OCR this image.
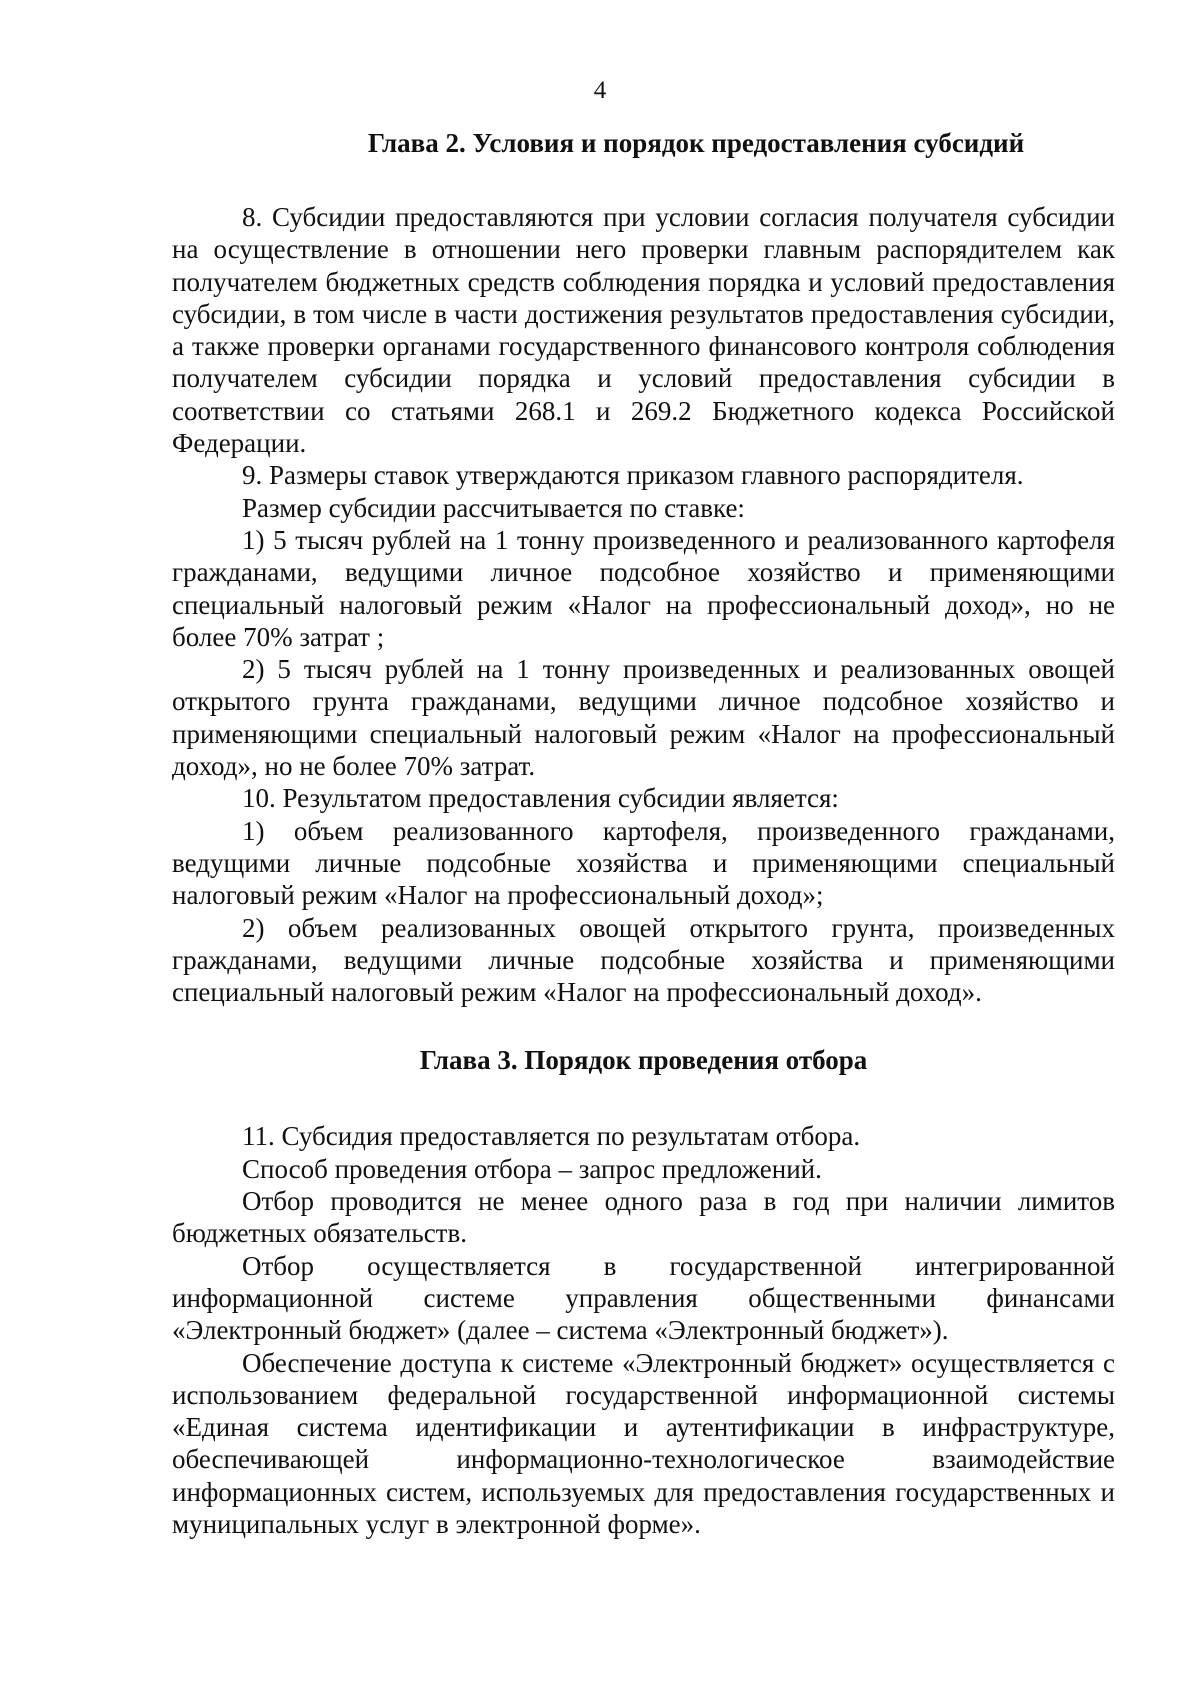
4
Глава 2. Условия и порядок предоставления субсидий

8. Субсидии предоставляются при условии согласия получателя субсидии на осуществление в отношении него проверки главным распорядителем как получателем бюджетных средств соблюдения порядка и условий предоставления субсидии, в том числе в части достижения результатов предоставления субсидии, а также проверки органами государственного финансового контроля соблюдения получателем субсидии порядка и условий предоставления субсидии в соответствии со статьями 268.1 и 269.2 Бюджетного кодекса Российской Федерации.

9. Размеры ставок утверждаются приказом главного распорядителя.

Размер субсидии рассчитывается по ставке:

1) 5 тысяч рублей на 1 тонну произведенного и реализованного картофеля гражданами, ведущими личное подсобное хозяйство и применяющими специальный налоговый режим «Налог на профессиональный доход», но не более 70% затрат ;

2) 5 тысяч рублей на 1 тонну произведенных и реализованных овощей открытого грунта гражданами, ведущими личное подсобное хозяйство и применяющими специальный налоговый режим «Налог на профессиональный доход», но не более 70% затрат.

10. Результатом предоставления субсидии является:

1) объем реализованного картофеля, произведенного гражданами, ведущими личные подсобные хозяйства и применяющими специальный налоговый режим «Налог на профессиональный доход»;

2) объем реализованных овощей открытого грунта, произведенных гражданами, ведущими личные подсобные хозяйства и применяющими специальный налоговый режим «Налог на профессиональный доход».

Глава 3. Порядок проведения отбора

11. Субсидия предоставляется по результатам отбора.

Способ проведения отбора – запрос предложений.

Отбор проводится не менее одного раза в год при наличии лимитов бюджетных обязательств.

Отбор осуществляется в государственной интегрированной информационной системе управления общественными финансами «Электронный бюджет» (далее – система «Электронный бюджет»).

Обеспечение доступа к системе «Электронный бюджет» осуществляется с использованием федеральной государственной информационной системы «Единая система идентификации и аутентификации в инфраструктуре, обеспечивающей информационно-технологическое взаимодействие информационных систем, используемых для предоставления государственных и муниципальных услуг в электронной форме».
